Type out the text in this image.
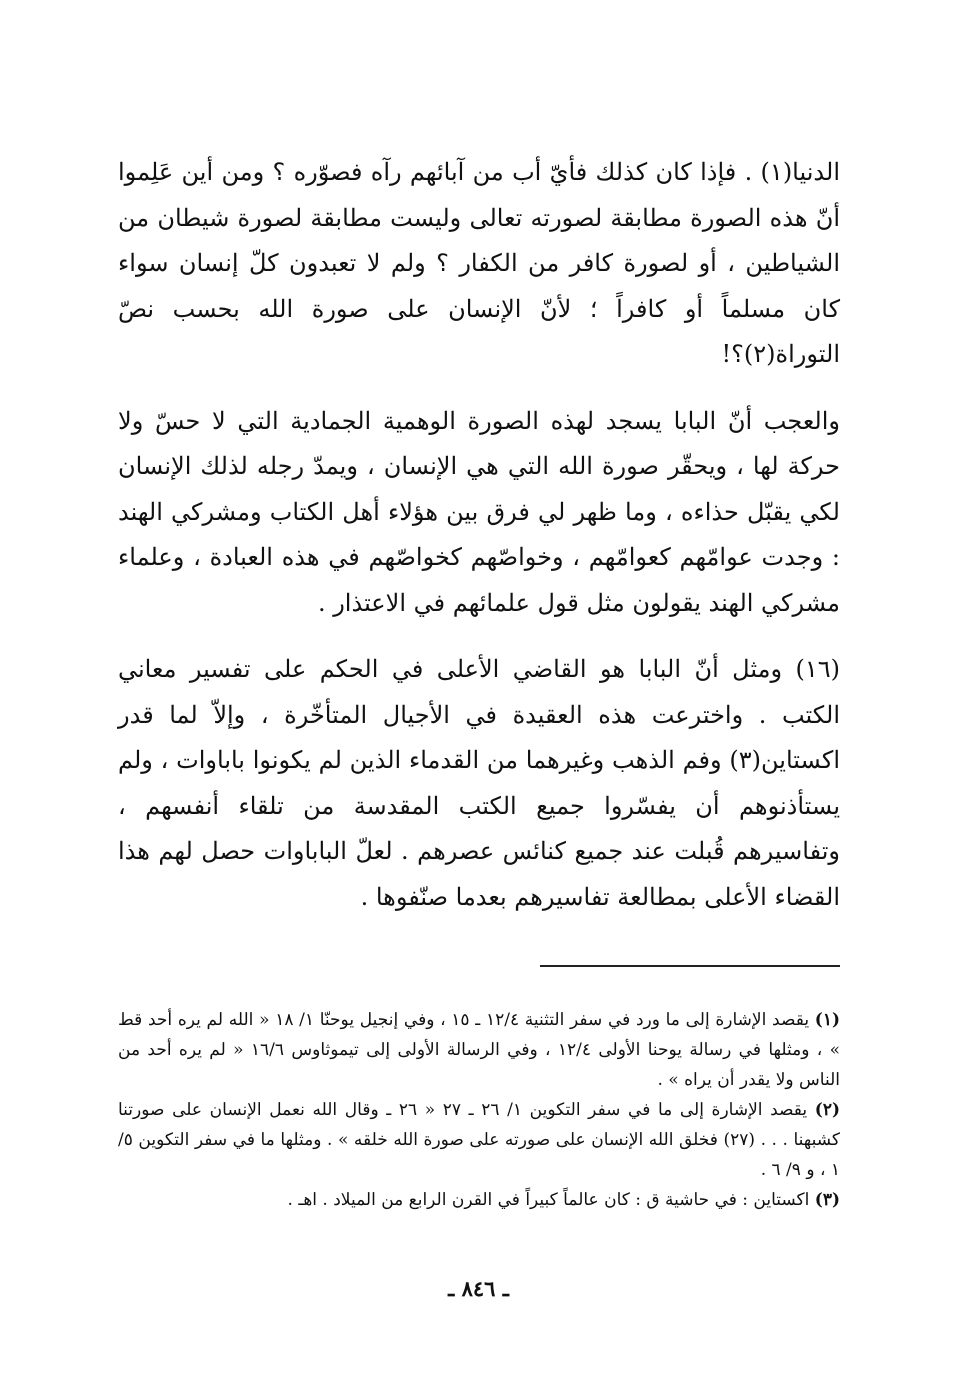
الدنيا(١) . فإذا كان كذلك فأيّ أب من آبائهم رآه فصوّره ؟ ومن أين عَلِموا أنّ هذه الصورة مطابقة لصورته تعالى وليست مطابقة لصورة شيطان من الشياطين ، أو لصورة كافر من الكفار ؟ ولم لا تعبدون كلّ إنسان سواء كان مسلماً أو كافراً ؛ لأنّ الإنسان على صورة الله بحسب نصّ التوراة(٢)؟!

والعجب أنّ البابا يسجد لهذه الصورة الوهمية الجمادية التي لا حسّ ولا حركة لها ، ويحقّر صورة الله التي هي الإنسان ، ويمدّ رجله لذلك الإنسان لكي يقبّل حذاءه ، وما ظهر لي فرق بين هؤلاء أهل الكتاب ومشركي الهند : وجدت عوامّهم كعوامّهم ، وخواصّهم كخواصّهم في هذه العبادة ، وعلماء مشركي الهند يقولون مثل قول علمائهم في الاعتذار .

(١٦) ومثل أنّ البابا هو القاضي الأعلى في الحكم على تفسير معاني الكتب . واخترعت هذه العقيدة في الأجيال المتأخّرة ، وإلاّ لما قدر اكستاين(٣) وفم الذهب وغيرهما من القدماء الذين لم يكونوا باباوات ، ولم يستأذنوهم أن يفسّروا جميع الكتب المقدسة من تلقاء أنفسهم ، وتفاسيرهم قُبلت عند جميع كنائس عصرهم . لعلّ الباباوات حصل لهم هذا القضاء الأعلى بمطالعة تفاسيرهم بعدما صنّفوها .

(١) يقصد الإشارة إلى ما ورد في سفر التثنية ١٢/٤ ـ ١٥ ، وفي إنجيل يوحنّا ١/ ١٨ « الله لم يره أحد قط » ، ومثلها في رسالة يوحنا الأولى ١٢/٤ ، وفي الرسالة الأولى إلى تيموثاوس ١٦/٦ « لم يره أحد من الناس ولا يقدر أن يراه » .

(٢) يقصد الإشارة إلى ما في سفر التكوين ١/ ٢٦ ـ ٢٧ « ٢٦ ـ وقال الله نعمل الإنسان على صورتنا كشبهنا . . . (٢٧) فخلق الله الإنسان على صورته على صورة الله خلقه » . ومثلها ما في سفر التكوين ٥/ ١ ، و ٩/ ٦ .

(٣) اكستاين : في حاشية ق : كان عالماً كبيراً في القرن الرابع من الميلاد . اهـ .

ـ ٨٤٦ ـ
